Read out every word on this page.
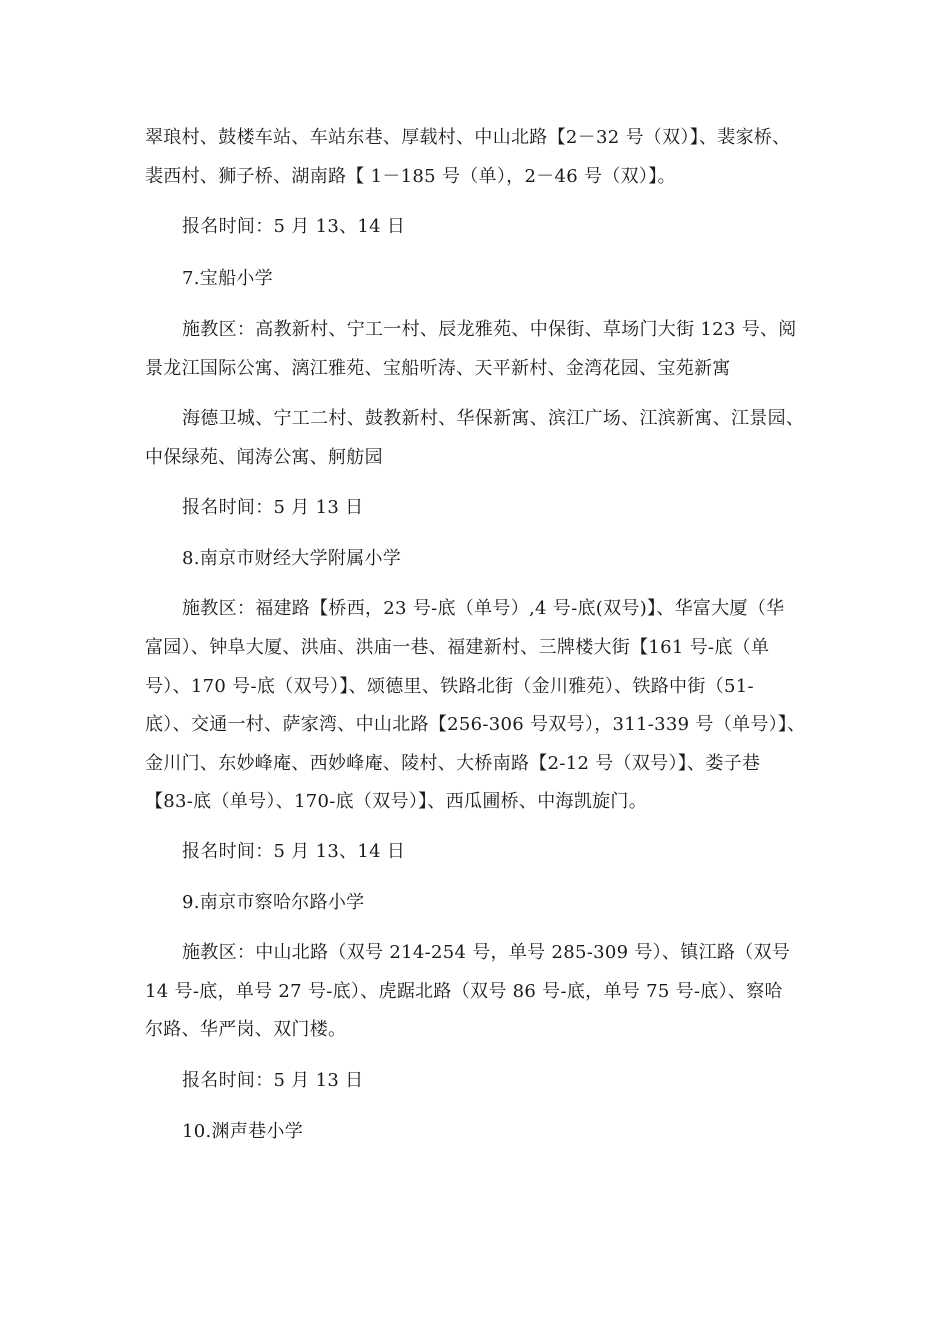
翠琅村、鼓楼车站、车站东巷、厚载村、中山北路【2－32 号（双）】、裴家桥、
裴西村、狮子桥、湖南路【 1－185 号（单），2－46 号（双）】。
报名时间：5 月 13、14 日
7.宝船小学
施教区：高教新村、宁工一村、辰龙雅苑、中保街、草场门大街 123 号、阅
景龙江国际公寓、漓江雅苑、宝船听涛、天平新村、金湾花园、宝苑新寓
海德卫城、宁工二村、鼓教新村、华保新寓、滨江广场、江滨新寓、江景园、
中保绿苑、闻涛公寓、舸舫园
报名时间：5 月 13 日
8.南京市财经大学附属小学
施教区：福建路【桥西，23 号-底（单号）,4 号-底(双号)】、华富大厦（华
富园）、钟阜大厦、洪庙、洪庙一巷、福建新村、三牌楼大街【161 号-底（单
号）、170 号-底（双号）】、颂德里、铁路北街（金川雅苑）、铁路中街（51-
底）、交通一村、萨家湾、中山北路【256-306 号双号），311-339 号（单号）】、
金川门、东妙峰庵、西妙峰庵、陵村、大桥南路【2-12 号（双号）】、娄子巷
【83-底（单号）、170-底（双号）】、西瓜圃桥、中海凯旋门。
报名时间：5 月 13、14 日
9.南京市察哈尔路小学
施教区：中山北路（双号 214-254 号，单号 285-309 号）、镇江路（双号
14 号-底，单号 27 号-底）、虎踞北路（双号 86 号-底，单号 75 号-底）、察哈
尔路、华严岗、双门楼。
报名时间：5 月 13 日
10.渊声巷小学
